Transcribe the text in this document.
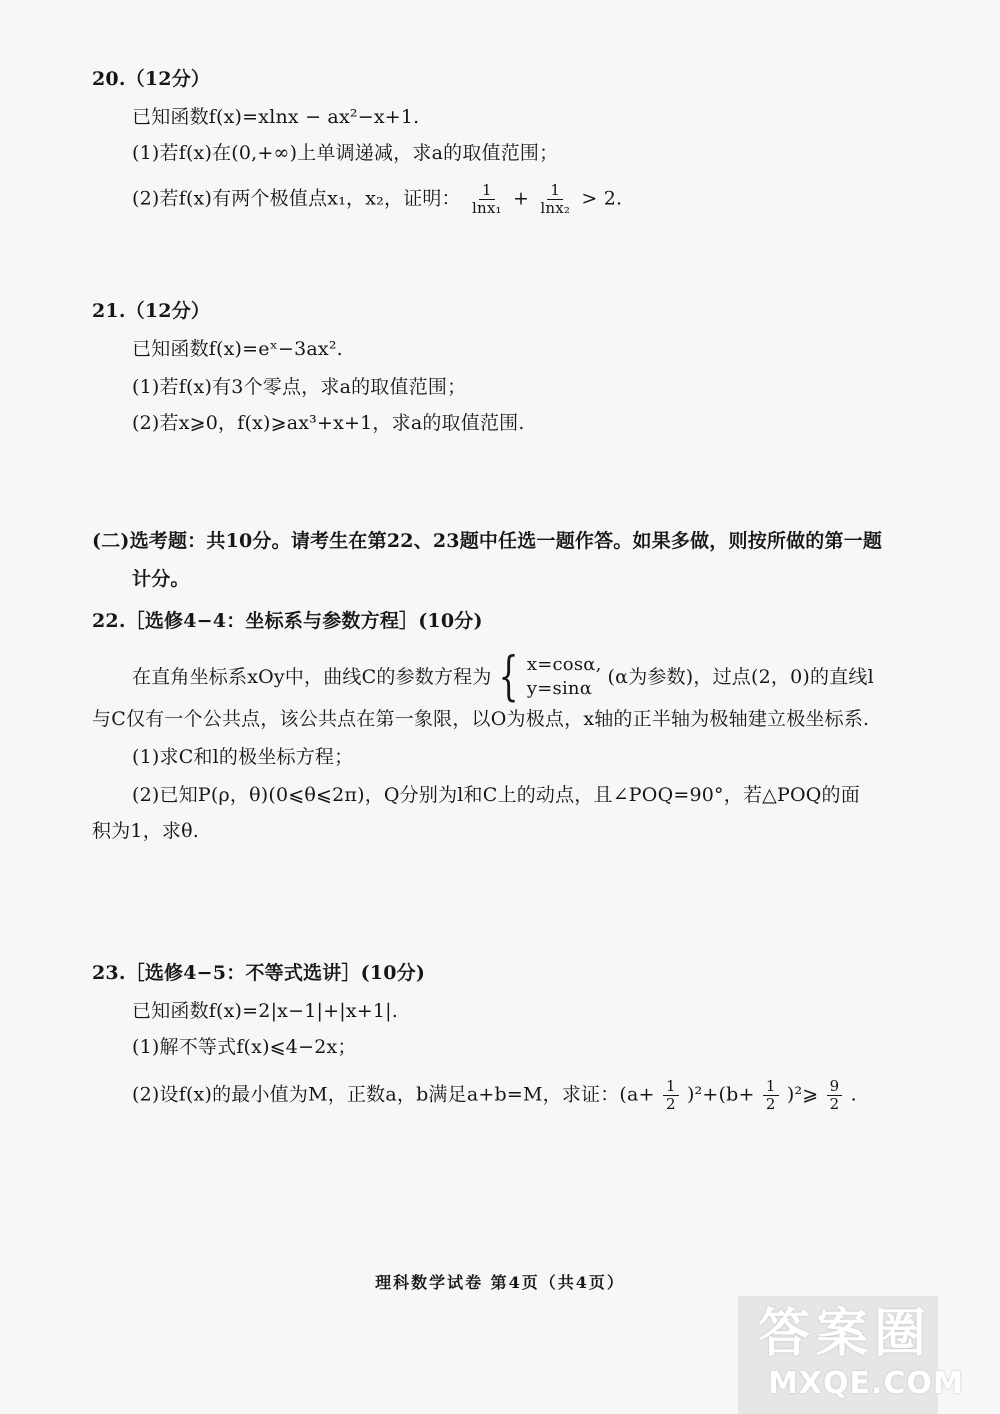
20.（12分）
已知函数f(x)=xlnx − ax²−x+1.
(1)若f(x)在(0,+∞)上单调递减，求a的取值范围；
(2)若f(x)有两个极值点x₁，x₂，证明： $\frac{1}{\text{lnx₁}} + \frac{1}{\text{lnx₂}} > 2$.
21.（12分）
已知函数f(x)=eˣ−3ax².
(1)若f(x)有3个零点，求a的取值范围；
(2)若x⩾0，f(x)⩾ax³+x+1，求a的取值范围.
(二)选考题：共10分。请考生在第22、23题中任选一题作答。如果多做，则按所做的第一题
计分。
22.［选修4−4：坐标系与参数方程］(10分)
在直角坐标系xOy中，曲线C的参数方程为 { x=cosα,
y=sinα
(α为参数)，过点(2，0)的直线l
与C仅有一个公共点，该公共点在第一象限，以O为极点，x轴的正半轴为极轴建立极坐标系.
(1)求C和l的极坐标方程；
(2)已知P(ρ，θ)(0⩽θ⩽2π)，Q分别为l和C上的动点，且∠POQ=90°，若△POQ的面
积为1，求θ.
23.［选修4−5：不等式选讲］(10分)
已知函数f(x)=2|x−1|+|x+1|.
(1)解不等式f(x)⩽4−2x；
(2)设f(x)的最小值为M，正数a，b满足a+b=M，求证：$(a+ \frac{1}{2} )^2+(b+ \frac{1}{2}$ )²⩾ $\frac{9}{2}$ .
理科数学试卷 第4页（共4页）
答案圈
MXQE.COM
